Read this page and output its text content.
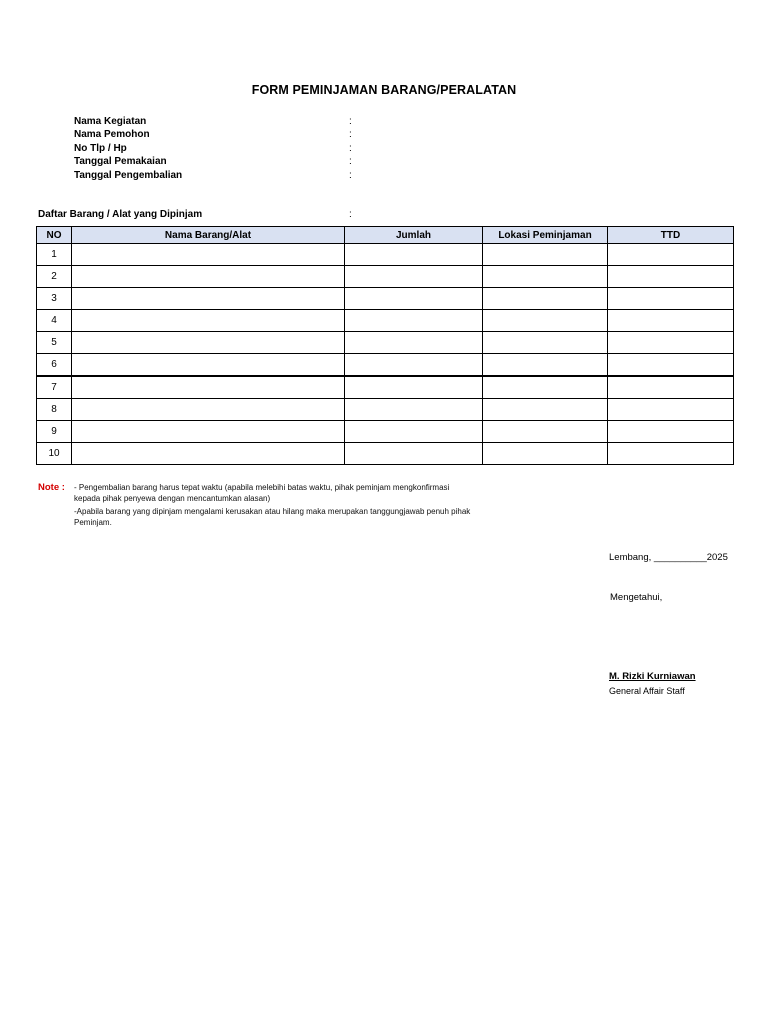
FORM PEMINJAMAN BARANG/PERALATAN
Nama Kegiatan	:
Nama Pemohon	:
No Tlp / Hp	:
Tanggal Pemakaian	:
Tanggal Pengembalian	:
Daftar Barang / Alat yang Dipinjam	:
NO	Nama Barang/Alat	Jumlah	Lokasi Peminjaman	TTD
1				
2				
3				
4				
5				
6				
7				
8				
9				
10				
Note : - Pengembalian barang harus tepat waktu (apabila melebihi batas waktu, pihak peminjam mengkonfirmasi
kepada pihak penyewa dengan mencantumkan alasan)
-Apabila barang yang dipinjam mengalami kerusakan atau hilang maka merupakan tanggungjawab penuh pihak
Peminjam.
Lembang, __________2025
Mengetahui,
M. Rizki Kurniawan
General Affair Staff
